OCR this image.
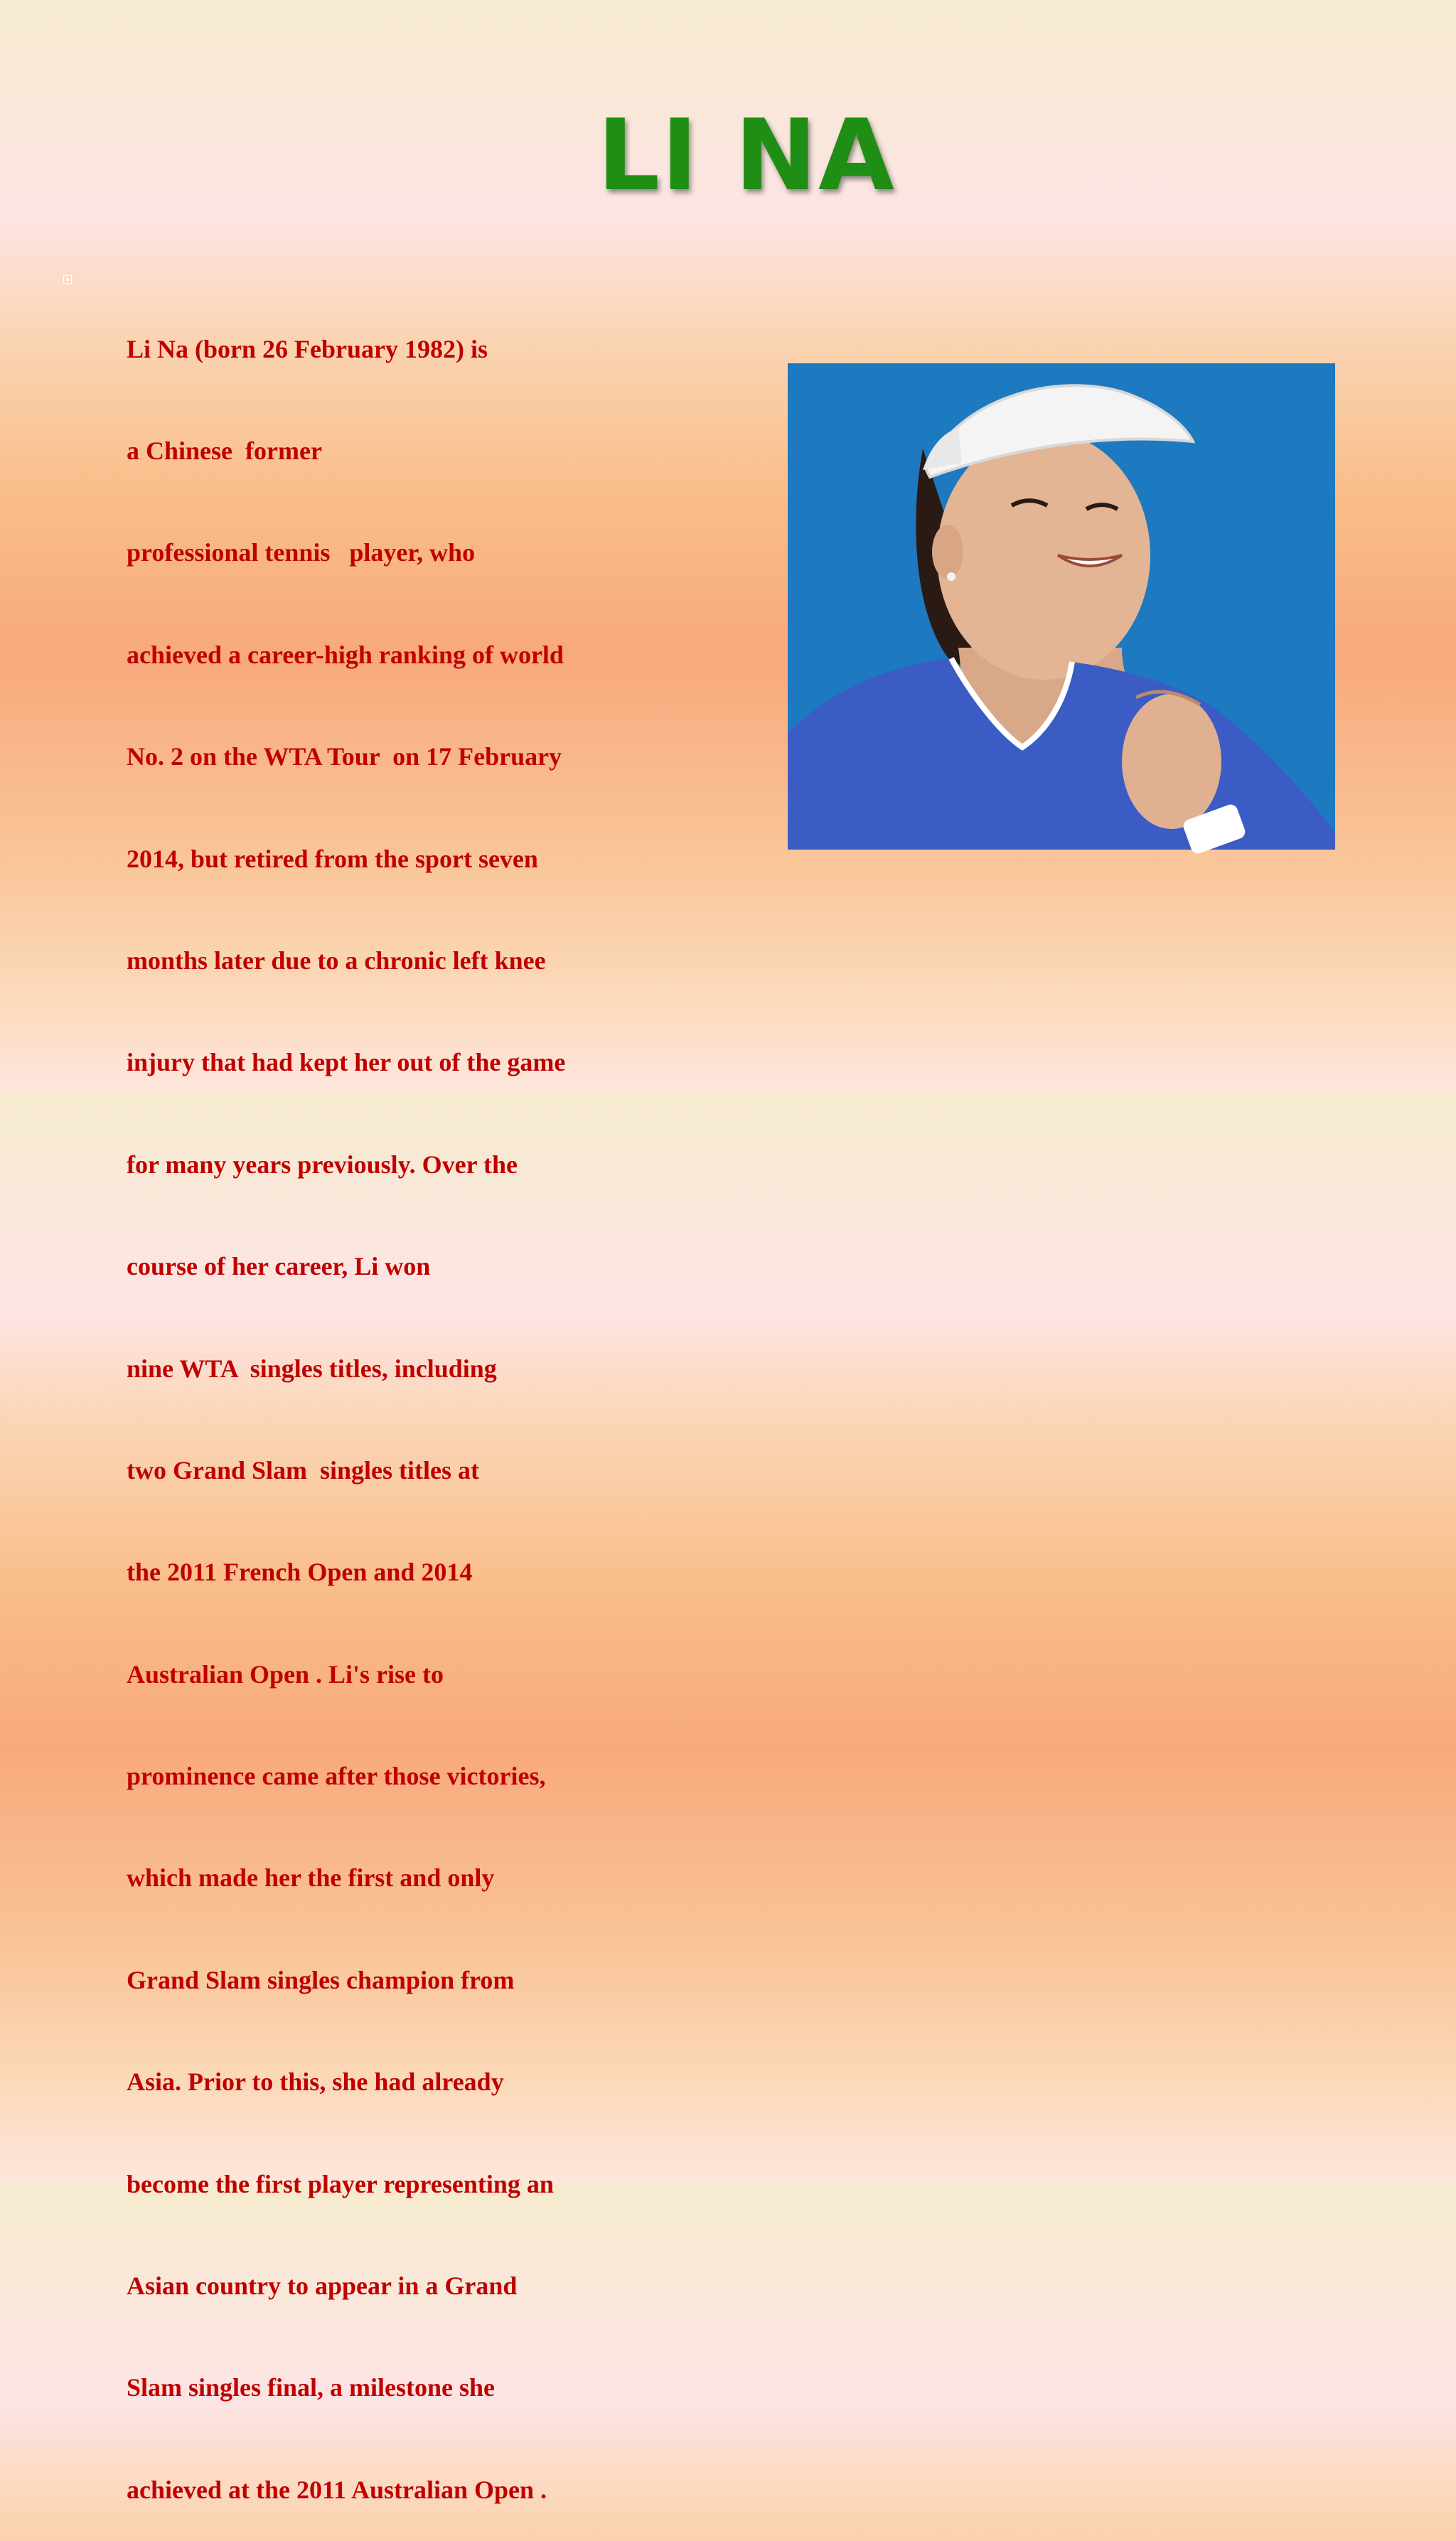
LI NA

Li Na (born 26 February 1982) is

a Chinese  former

professional tennis   player, who

achieved a career-high ranking of world

No. 2 on the WTA Tour  on 17 February

2014, but retired from the sport seven

months later due to a chronic left knee

injury that had kept her out of the game

for many years previously. Over the

course of her career, Li won

nine WTA  singles titles, including

two Grand Slam  singles titles at

the 2011 French Open and 2014

Australian Open . Li's rise to

prominence came after those victories,

which made her the first and only

Grand Slam singles champion from

Asia. Prior to this, she had already

become the first player representing an

Asian country to appear in a Grand

Slam singles final, a milestone she

achieved at the 2011 Australian Open .
